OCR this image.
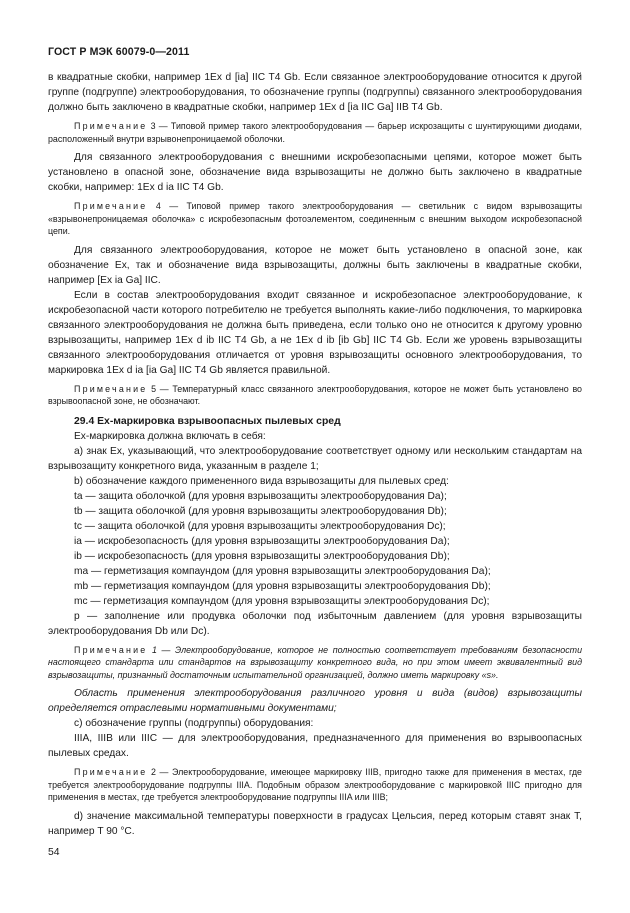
ГОСТ Р МЭК 60079-0—2011

в квадратные скобки, например 1Ex d [ia] IIC T4 Gb. Если связанное электрооборудование относится к другой группе (подгруппе) электрооборудования, то обозначение группы (подгруппы) связанного электрооборудования должно быть заключено в квадратные скобки, например 1Ex d [ia IIC Ga] IIB T4 Gb.

Примечание 3 — Типовой пример такого электрооборудования — барьер искрозащиты с шунтирующими диодами, расположенный внутри взрывонепроницаемой оболочки.

Для связанного электрооборудования с внешними искробезопасными цепями, которое может быть установлено в опасной зоне, обозначение вида взрывозащиты не должно быть заключено в квадратные скобки, например: 1Ex d ia IIC T4 Gb.

Примечание 4 — Типовой пример такого электрооборудования — светильник с видом взрывозащиты «взрывонепроницаемая оболочка» с искробезопасным фотоэлементом, соединенным с внешним выходом искробезопасной цепи.

Для связанного электрооборудования, которое не может быть установлено в опасной зоне, как обозначение Ex, так и обозначение вида взрывозащиты, должны быть заключены в квадратные скобки, например [Ex ia Ga] IIC.

Если в состав электрооборудования входит связанное и искробезопасное электрооборудование, к искробезопасной части которого потребителю не требуется выполнять какие-либо подключения, то маркировка связанного электрооборудования не должна быть приведена, если только оно не относится к другому уровню взрывозащиты, например 1Ex d ib IIC T4 Gb, а не 1Ex d ib [ib Gb] IIC T4 Gb. Если же уровень взрывозащиты связанного электрооборудования отличается от уровня взрывозащиты основного электрооборудования, то маркировка 1Ex d ia [ia Ga] IIC T4 Gb является правильной.

Примечание 5 — Температурный класс связанного электрооборудования, которое не может быть установлено во взрывоопасной зоне, не обозначают.

29.4 Ex-маркировка взрывоопасных пылевых сред

Ex-маркировка должна включать в себя:

a) знак Ex, указывающий, что электрооборудование соответствует одному или нескольким стандартам на взрывозащиту конкретного вида, указанным в разделе 1;

b) обозначение каждого примененного вида взрывозащиты для пылевых сред:

ta — защита оболочкой (для уровня взрывозащиты электрооборудования Da);

tb — защита оболочкой (для уровня взрывозащиты электрооборудования Db);

tc — защита оболочкой (для уровня взрывозащиты электрооборудования Dc);

ia — искробезопасность (для уровня взрывозащиты электрооборудования Da);

ib — искробезопасность (для уровня взрывозащиты электрооборудования Db);

ma — герметизация компаундом (для уровня взрывозащиты электрооборудования Da);

mb — герметизация компаундом (для уровня взрывозащиты электрооборудования Db);

mc — герметизация компаундом (для уровня взрывозащиты электрооборудования Dc);

p — заполнение или продувка оболочки под избыточным давлением (для уровня взрывозащиты электрооборудования Db или Dc).

Примечание 1 — Электрооборудование, которое не полностью соответствует требованиям безопасности настоящего стандарта или стандартов на взрывозащиту конкретного вида, но при этом имеет эквивалентный вид взрывозащиты, признанный достаточным испытательной организацией, должно иметь маркировку «s».

Область применения электрооборудования различного уровня и вида (видов) взрывозащиты определяется отраслевыми нормативными документами;

c) обозначение группы (подгруппы) оборудования:

IIIA, IIIB или IIIC — для электрооборудования, предназначенного для применения во взрывоопасных пылевых средах.

Примечание 2 — Электрооборудование, имеющее маркировку IIIB, пригодно также для применения в местах, где требуется электрооборудование подгруппы IIIA. Подобным образом электрооборудование с маркировкой IIIC пригодно для применения в местах, где требуется электрооборудование подгруппы IIIA или IIIB;

d) значение максимальной температуры поверхности в градусах Цельсия, перед которым ставят знак T, например T 90 °C.

54
